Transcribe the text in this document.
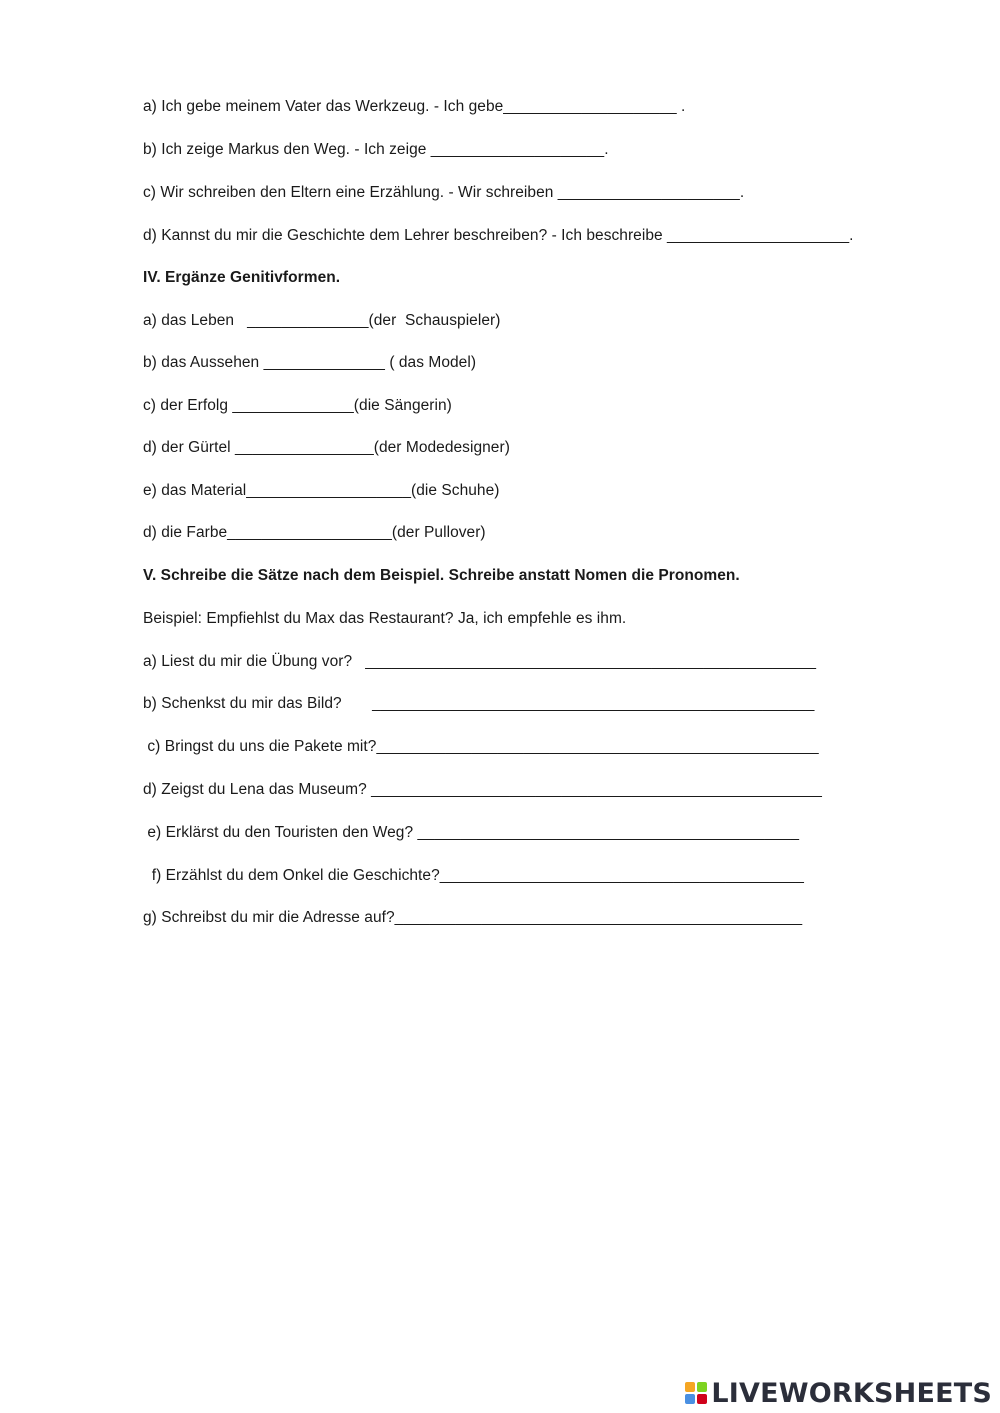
a) Ich gebe meinem Vater das Werkzeug. - Ich gebe____________________ .
b) Ich zeige Markus den Weg. - Ich zeige ____________________.
c) Wir schreiben den Eltern eine Erzählung. - Wir schreiben _____________________.
d) Kannst du mir die Geschichte dem Lehrer beschreiben? - Ich beschreibe _____________________.
IV. Ergänze Genitivformen.
a) das Leben   ______________(der  Schauspieler)
b) das Aussehen ______________ ( das Model)
c) der Erfolg ______________(die Sängerin)
d) der Gürtel ________________(der Modedesigner)
e) das Material___________________(die Schuhe)
d) die Farbe___________________(der Pullover)
V. Schreibe die Sätze nach dem Beispiel. Schreibe anstatt Nomen die Pronomen.
Beispiel: Empfiehlst du Max das Restaurant? Ja, ich empfehle es ihm.
a) Liest du mir die Übung vor?   ____________________________________________________
b) Schenkst du mir das Bild?       ___________________________________________________
c) Bringst du uns die Pakete mit?___________________________________________________
d) Zeigst du Lena das Museum? ____________________________________________________
e) Erklärst du den Touristen den Weg? ____________________________________________
f) Erzählst du dem Onkel die Geschichte?__________________________________________
g) Schreibst du mir die Adresse auf?_______________________________________________
LIVEWORKSHEETS
